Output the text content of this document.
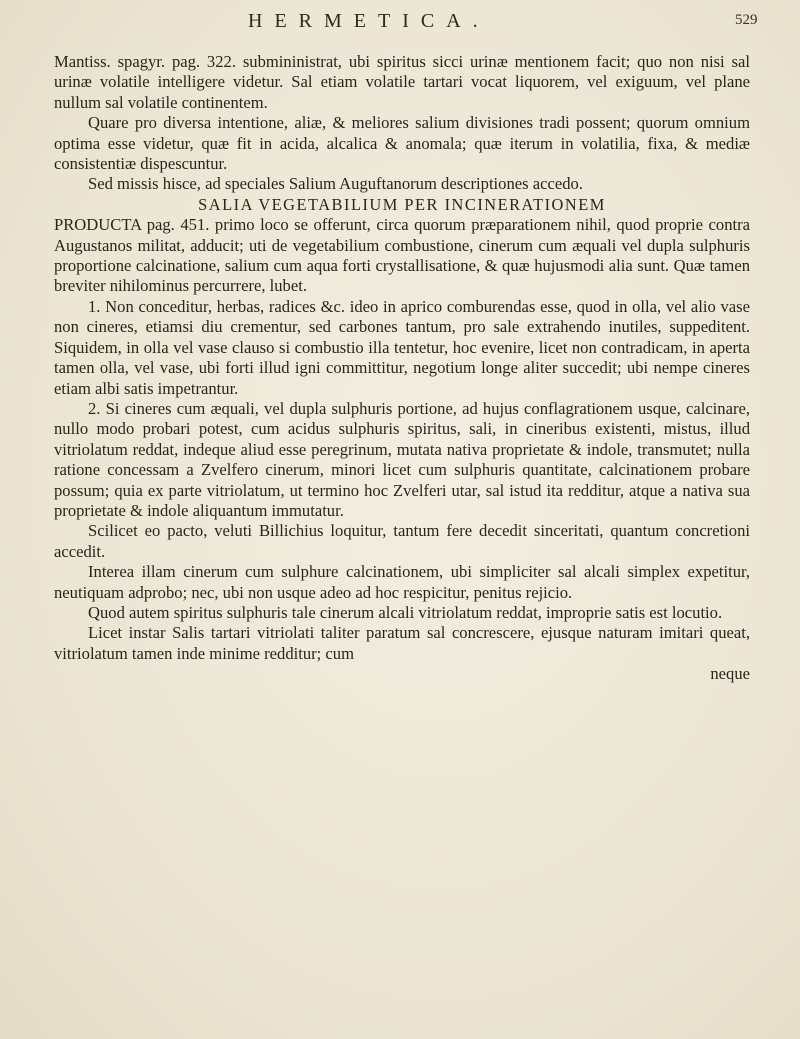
HERMETICA.	529

Mantiss. spagyr. pag. 322. submininistrat, ubi spiritus sicci urinæ mentionem facit; quo non nisi sal urinæ volatile intelligere videtur. Sal etiam volatile tartari vocat liquorem, vel exiguum, vel plane nullum sal volatile continentem.

Quare pro diversa intentione, aliæ, & meliores salium divisiones tradi possent; quorum omnium optima esse videtur, quæ fit in acida, alcalica & anomala; quæ iterum in volatilia, fixa, & mediæ consistentiæ dispescuntur.

Sed missis hisce, ad speciales Salium Auguftanorum descriptiones accedo.

SALIA VEGETABILIUM PER INCINERATIONEM

PRODUCTA pag. 451. primo loco se offerunt, circa quorum præparationem nihil, quod proprie contra Augustanos militat, adducit; uti de vegetabilium combustione, cinerum cum æquali vel dupla sulphuris proportione calcinatione, salium cum aqua forti crystallisatione, & quæ hujusmodi alia sunt. Quæ tamen breviter nihilominus percurrere, lubet.

1. Non conceditur, herbas, radices &c. ideo in aprico comburendas esse, quod in olla, vel alio vase non cineres, etiamsi diu crementur, sed carbones tantum, pro sale extrahendo inutiles, suppeditent. Siquidem, in olla vel vase clauso si combustio illa tentetur, hoc evenire, licet non contradicam, in aperta tamen olla, vel vase, ubi forti illud igni committitur, negotium longe aliter succedit; ubi nempe cineres etiam albi satis impetrantur.

2. Si cineres cum æquali, vel dupla sulphuris portione, ad hujus conflagrationem usque, calcinare, nullo modo probari potest, cum acidus sulphuris spiritus, sali, in cineribus existenti, mistus, illud vitriolatum reddat, indeque aliud esse peregrinum, mutata nativa proprietate & indole, transmutet; nulla ratione concessam a Zvelfero cinerum, minori licet cum sulphuris quantitate, calcinationem probare possum; quia ex parte vitriolatum, ut termino hoc Zvelferi utar, sal istud ita redditur, atque a nativa sua proprietate & indole aliquantum immutatur.

Scilicet eo pacto, veluti Billichius loquitur, tantum fere decedit sinceritati, quantum concretioni accedit.

Interea illam cinerum cum sulphure calcinationem, ubi simpliciter sal alcali simplex expetitur, neutiquam adprobo; nec, ubi non usque adeo ad hoc respicitur, penitus rejicio.

Quod autem spiritus sulphuris tale cinerum alcali vitriolatum reddat, improprie satis est locutio.

Licet instar Salis tartari vitriolati taliter paratum sal concrescere, ejusque naturam imitari queat, vitriolatum tamen inde minime redditur; cum

neque
